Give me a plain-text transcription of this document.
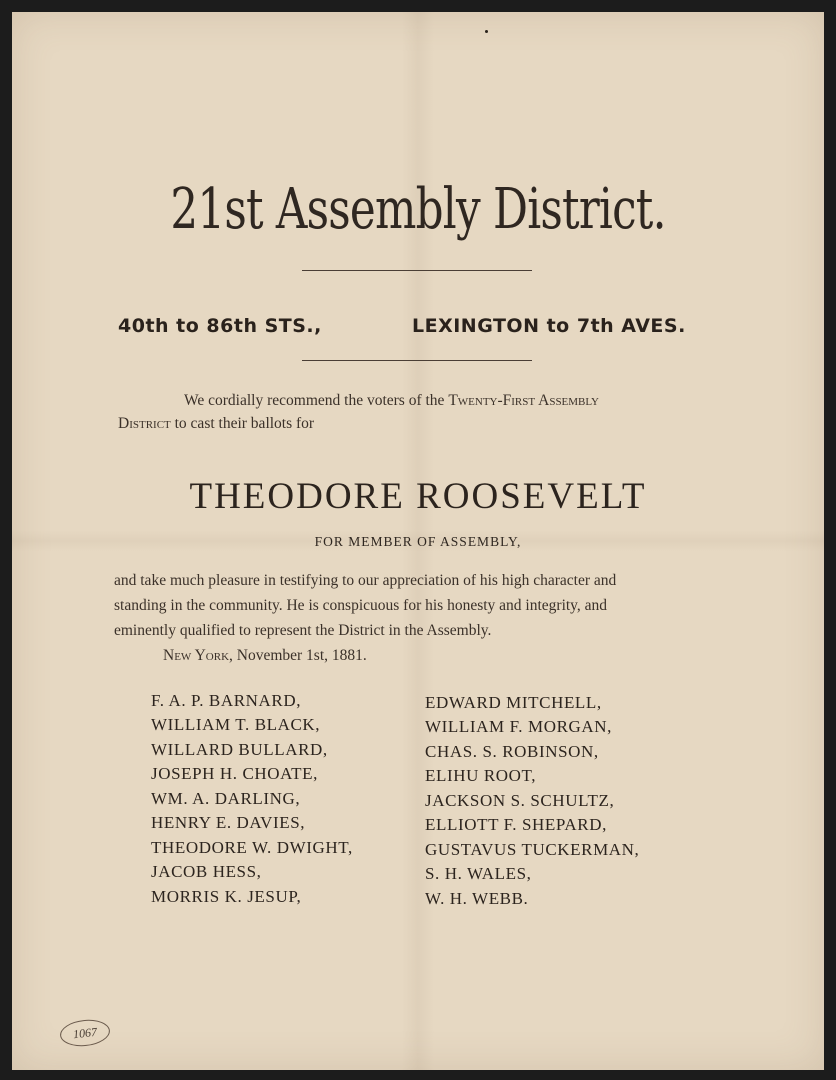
21st Assembly District.
40th to 86th STS.,	LEXINGTON to 7th AVES.
We cordially recommend the voters of the Twenty-First Assembly
District to cast their ballots for
THEODORE ROOSEVELT
FOR MEMBER OF ASSEMBLY,
and take much pleasure in testifying to our appreciation of his high character and
standing in the community. He is conspicuous for his honesty and integrity, and
eminently qualified to represent the District in the Assembly.
New York, November 1st, 1881.
F. A. P. BARNARD,
WILLIAM T. BLACK,
WILLARD BULLARD,
JOSEPH H. CHOATE,
WM. A. DARLING,
HENRY E. DAVIES,
THEODORE W. DWIGHT,
JACOB HESS,
MORRIS K. JESUP,
EDWARD MITCHELL,
WILLIAM F. MORGAN,
CHAS. S. ROBINSON,
ELIHU ROOT,
JACKSON S. SCHULTZ,
ELLIOTT F. SHEPARD,
GUSTAVUS TUCKERMAN,
S. H. WALES,
W. H. WEBB.
1067
